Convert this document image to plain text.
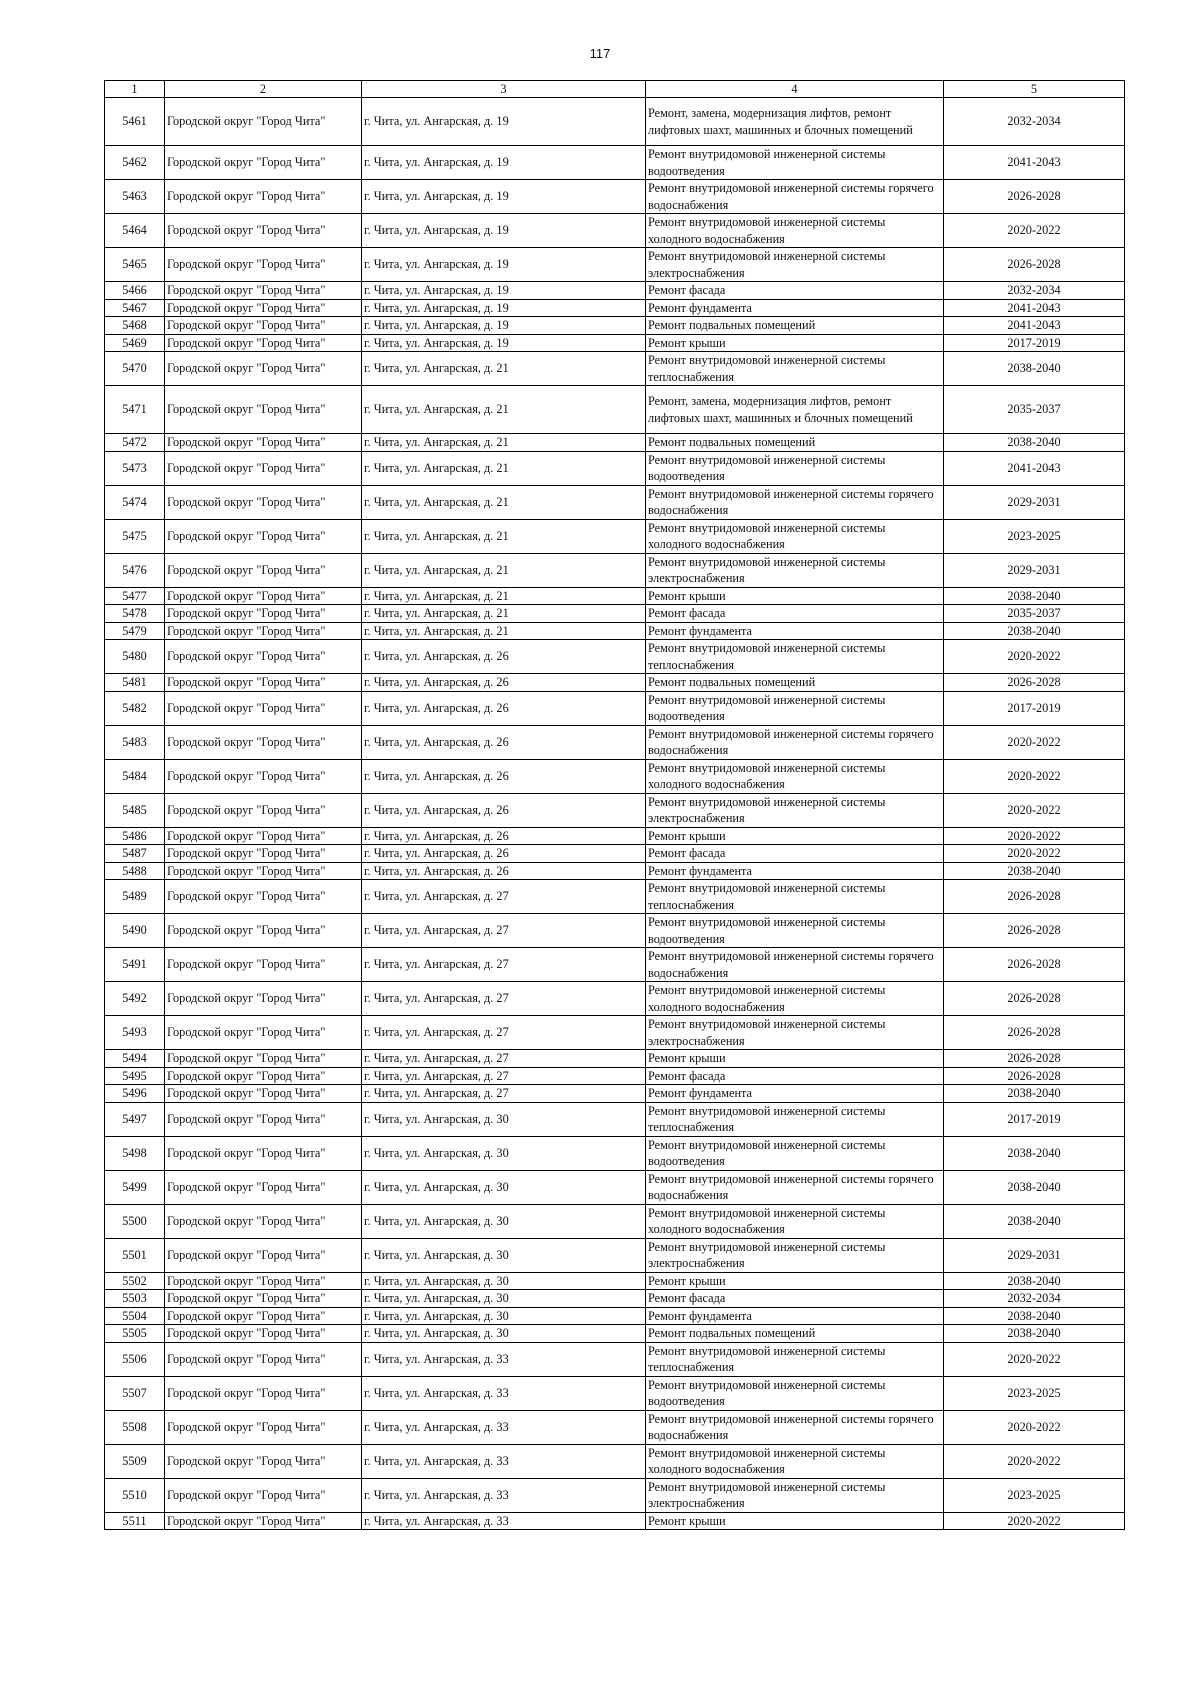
117
1	2	3	4	5
5461	Городской округ "Город Чита"	г. Чита, ул. Ангарская, д. 19	Ремонт, замена, модернизация лифтов, ремонт лифтовых шахт, машинных и блочных помещений	2032-2034
5462	Городской округ "Город Чита"	г. Чита, ул. Ангарская, д. 19	Ремонт внутридомовой инженерной системы водоотведения	2041-2043
5463	Городской округ "Город Чита"	г. Чита, ул. Ангарская, д. 19	Ремонт внутридомовой инженерной системы горячего водоснабжения	2026-2028
5464	Городской округ "Город Чита"	г. Чита, ул. Ангарская, д. 19	Ремонт внутридомовой инженерной системы холодного водоснабжения	2020-2022
5465	Городской округ "Город Чита"	г. Чита, ул. Ангарская, д. 19	Ремонт внутридомовой инженерной системы электроснабжения	2026-2028
5466	Городской округ "Город Чита"	г. Чита, ул. Ангарская, д. 19	Ремонт фасада	2032-2034
5467	Городской округ "Город Чита"	г. Чита, ул. Ангарская, д. 19	Ремонт фундамента	2041-2043
5468	Городской округ "Город Чита"	г. Чита, ул. Ангарская, д. 19	Ремонт подвальных помещений	2041-2043
5469	Городской округ "Город Чита"	г. Чита, ул. Ангарская, д. 19	Ремонт крыши	2017-2019
5470	Городской округ "Город Чита"	г. Чита, ул. Ангарская, д. 21	Ремонт внутридомовой инженерной системы теплоснабжения	2038-2040
5471	Городской округ "Город Чита"	г. Чита, ул. Ангарская, д. 21	Ремонт, замена, модернизация лифтов, ремонт лифтовых шахт, машинных и блочных помещений	2035-2037
5472	Городской округ "Город Чита"	г. Чита, ул. Ангарская, д. 21	Ремонт подвальных помещений	2038-2040
5473	Городской округ "Город Чита"	г. Чита, ул. Ангарская, д. 21	Ремонт внутридомовой инженерной системы водоотведения	2041-2043
5474	Городской округ "Город Чита"	г. Чита, ул. Ангарская, д. 21	Ремонт внутридомовой инженерной системы горячего водоснабжения	2029-2031
5475	Городской округ "Город Чита"	г. Чита, ул. Ангарская, д. 21	Ремонт внутридомовой инженерной системы холодного водоснабжения	2023-2025
5476	Городской округ "Город Чита"	г. Чита, ул. Ангарская, д. 21	Ремонт внутридомовой инженерной системы электроснабжения	2029-2031
5477	Городской округ "Город Чита"	г. Чита, ул. Ангарская, д. 21	Ремонт крыши	2038-2040
5478	Городской округ "Город Чита"	г. Чита, ул. Ангарская, д. 21	Ремонт фасада	2035-2037
5479	Городской округ "Город Чита"	г. Чита, ул. Ангарская, д. 21	Ремонт фундамента	2038-2040
5480	Городской округ "Город Чита"	г. Чита, ул. Ангарская, д. 26	Ремонт внутридомовой инженерной системы теплоснабжения	2020-2022
5481	Городской округ "Город Чита"	г. Чита, ул. Ангарская, д. 26	Ремонт подвальных помещений	2026-2028
5482	Городской округ "Город Чита"	г. Чита, ул. Ангарская, д. 26	Ремонт внутридомовой инженерной системы водоотведения	2017-2019
5483	Городской округ "Город Чита"	г. Чита, ул. Ангарская, д. 26	Ремонт внутридомовой инженерной системы горячего водоснабжения	2020-2022
5484	Городской округ "Город Чита"	г. Чита, ул. Ангарская, д. 26	Ремонт внутридомовой инженерной системы холодного водоснабжения	2020-2022
5485	Городской округ "Город Чита"	г. Чита, ул. Ангарская, д. 26	Ремонт внутридомовой инженерной системы электроснабжения	2020-2022
5486	Городской округ "Город Чита"	г. Чита, ул. Ангарская, д. 26	Ремонт крыши	2020-2022
5487	Городской округ "Город Чита"	г. Чита, ул. Ангарская, д. 26	Ремонт фасада	2020-2022
5488	Городской округ "Город Чита"	г. Чита, ул. Ангарская, д. 26	Ремонт фундамента	2038-2040
5489	Городской округ "Город Чита"	г. Чита, ул. Ангарская, д. 27	Ремонт внутридомовой инженерной системы теплоснабжения	2026-2028
5490	Городской округ "Город Чита"	г. Чита, ул. Ангарская, д. 27	Ремонт внутридомовой инженерной системы водоотведения	2026-2028
5491	Городской округ "Город Чита"	г. Чита, ул. Ангарская, д. 27	Ремонт внутридомовой инженерной системы горячего водоснабжения	2026-2028
5492	Городской округ "Город Чита"	г. Чита, ул. Ангарская, д. 27	Ремонт внутридомовой инженерной системы холодного водоснабжения	2026-2028
5493	Городской округ "Город Чита"	г. Чита, ул. Ангарская, д. 27	Ремонт внутридомовой инженерной системы электроснабжения	2026-2028
5494	Городской округ "Город Чита"	г. Чита, ул. Ангарская, д. 27	Ремонт крыши	2026-2028
5495	Городской округ "Город Чита"	г. Чита, ул. Ангарская, д. 27	Ремонт фасада	2026-2028
5496	Городской округ "Город Чита"	г. Чита, ул. Ангарская, д. 27	Ремонт фундамента	2038-2040
5497	Городской округ "Город Чита"	г. Чита, ул. Ангарская, д. 30	Ремонт внутридомовой инженерной системы теплоснабжения	2017-2019
5498	Городской округ "Город Чита"	г. Чита, ул. Ангарская, д. 30	Ремонт внутридомовой инженерной системы водоотведения	2038-2040
5499	Городской округ "Город Чита"	г. Чита, ул. Ангарская, д. 30	Ремонт внутридомовой инженерной системы горячего водоснабжения	2038-2040
5500	Городской округ "Город Чита"	г. Чита, ул. Ангарская, д. 30	Ремонт внутридомовой инженерной системы холодного водоснабжения	2038-2040
5501	Городской округ "Город Чита"	г. Чита, ул. Ангарская, д. 30	Ремонт внутридомовой инженерной системы электроснабжения	2029-2031
5502	Городской округ "Город Чита"	г. Чита, ул. Ангарская, д. 30	Ремонт крыши	2038-2040
5503	Городской округ "Город Чита"	г. Чита, ул. Ангарская, д. 30	Ремонт фасада	2032-2034
5504	Городской округ "Город Чита"	г. Чита, ул. Ангарская, д. 30	Ремонт фундамента	2038-2040
5505	Городской округ "Город Чита"	г. Чита, ул. Ангарская, д. 30	Ремонт подвальных помещений	2038-2040
5506	Городской округ "Город Чита"	г. Чита, ул. Ангарская, д. 33	Ремонт внутридомовой инженерной системы теплоснабжения	2020-2022
5507	Городской округ "Город Чита"	г. Чита, ул. Ангарская, д. 33	Ремонт внутридомовой инженерной системы водоотведения	2023-2025
5508	Городской округ "Город Чита"	г. Чита, ул. Ангарская, д. 33	Ремонт внутридомовой инженерной системы горячего водоснабжения	2020-2022
5509	Городской округ "Город Чита"	г. Чита, ул. Ангарская, д. 33	Ремонт внутридомовой инженерной системы холодного водоснабжения	2020-2022
5510	Городской округ "Город Чита"	г. Чита, ул. Ангарская, д. 33	Ремонт внутридомовой инженерной системы электроснабжения	2023-2025
5511	Городской округ "Город Чита"	г. Чита, ул. Ангарская, д. 33	Ремонт крыши	2020-2022
